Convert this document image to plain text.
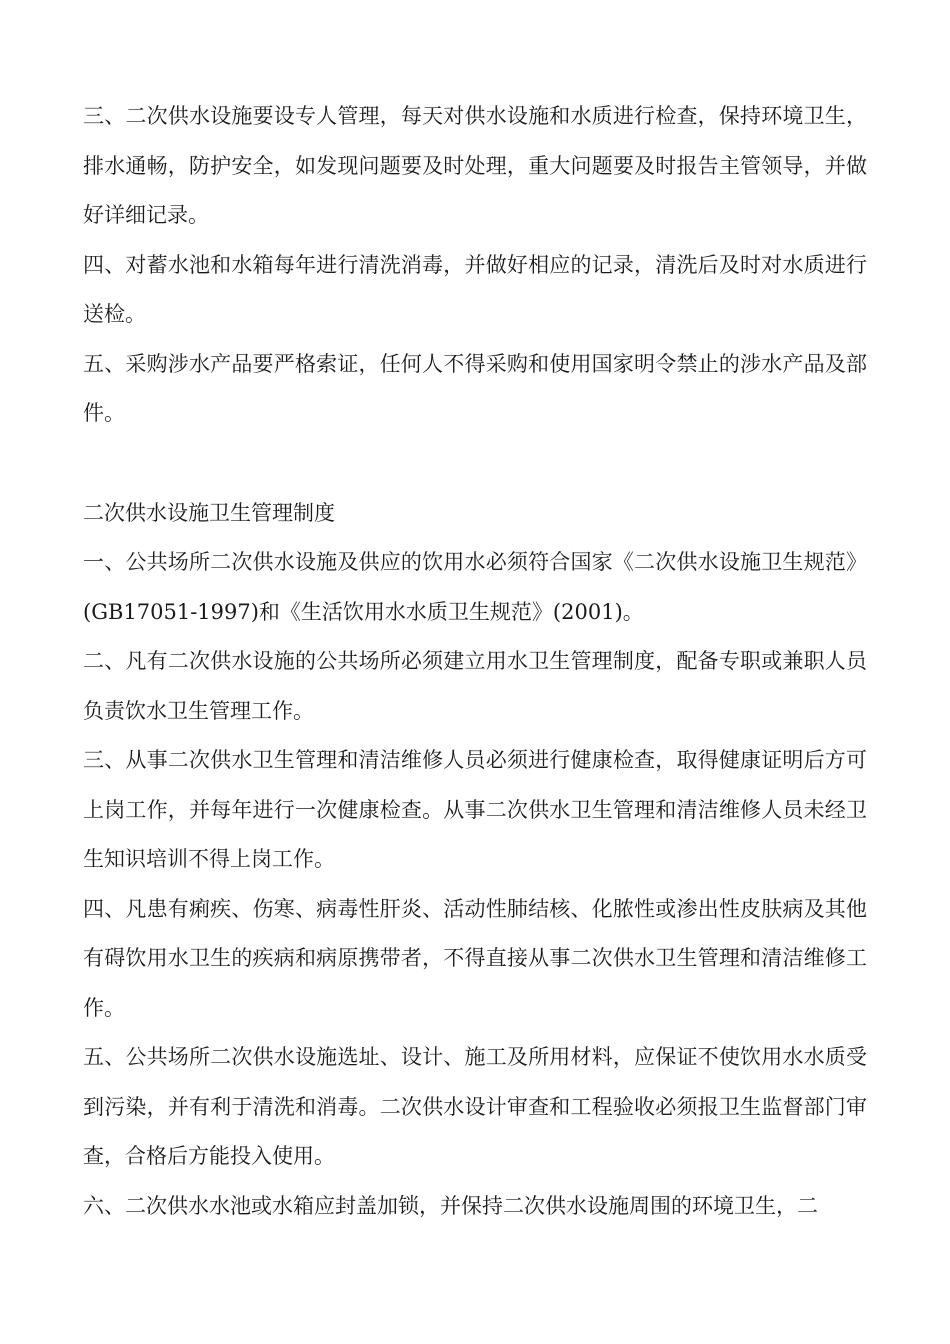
三、二次供水设施要设专人管理，每天对供水设施和水质进行检查，保持环境卫生，排水通畅，防护安全，如发现问题要及时处理，重大问题要及时报告主管领导，并做好详细记录。

四、对蓄水池和水箱每年进行清洗消毒，并做好相应的记录，清洗后及时对水质进行送检。

五、采购涉水产品要严格索证，任何人不得采购和使用国家明令禁止的涉水产品及部件。

二次供水设施卫生管理制度

一、公共场所二次供水设施及供应的饮用水必须符合国家《二次供水设施卫生规范》(GB17051-1997)和《生活饮用水水质卫生规范》(2001)。

二、凡有二次供水设施的公共场所必须建立用水卫生管理制度，配备专职或兼职人员负责饮水卫生管理工作。

三、从事二次供水卫生管理和清洁维修人员必须进行健康检查，取得健康证明后方可上岗工作，并每年进行一次健康检查。从事二次供水卫生管理和清洁维修人员未经卫生知识培训不得上岗工作。

四、凡患有痢疾、伤寒、病毒性肝炎、活动性肺结核、化脓性或渗出性皮肤病及其他有碍饮用水卫生的疾病和病原携带者，不得直接从事二次供水卫生管理和清洁维修工作。

五、公共场所二次供水设施选址、设计、施工及所用材料，应保证不使饮用水水质受到污染，并有利于清洗和消毒。二次供水设计审查和工程验收必须报卫生监督部门审查，合格后方能投入使用。

六、二次供水水池或水箱应封盖加锁，并保持二次供水设施周围的环境卫生，二
